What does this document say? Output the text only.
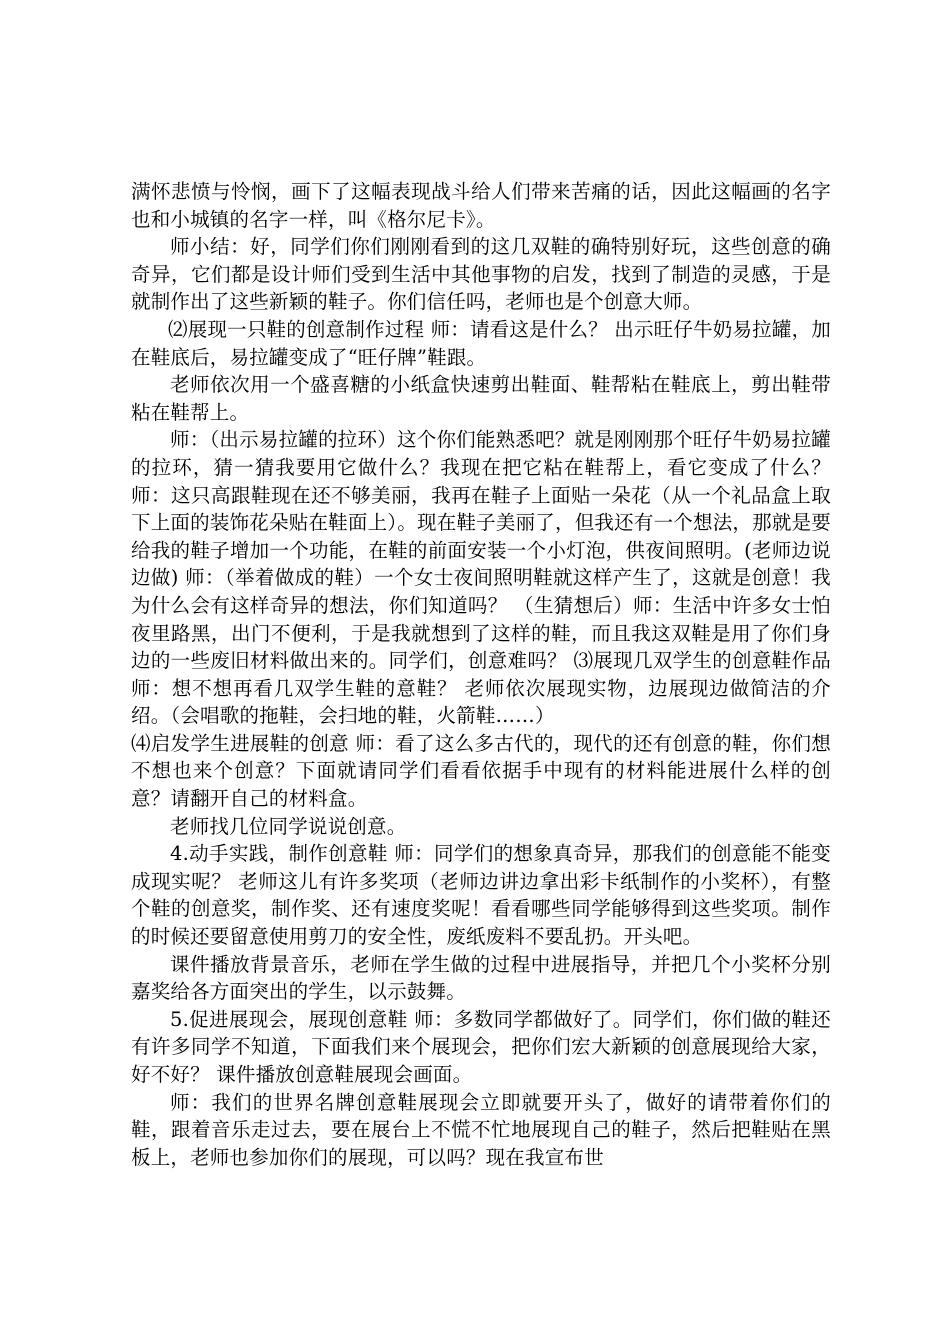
满怀悲愤与怜悯，画下了这幅表现战斗给人们带来苦痛的话，因此这幅画的名字也和小城镇的名字一样，叫《格尔尼卡》。

师小结：好，同学们你们刚刚看到的这几双鞋的确特别好玩，这些创意的确奇异，它们都是设计师们受到生活中其他事物的启发，找到了制造的灵感，于是就制作出了这些新颖的鞋子。你们信任吗，老师也是个创意大师。

⑵展现一只鞋的创意制作过程 师：请看这是什么？ 出示旺仔牛奶易拉罐，加在鞋底后，易拉罐变成了“旺仔牌”鞋跟。

老师依次用一个盛喜糖的小纸盒快速剪出鞋面、鞋帮粘在鞋底上，剪出鞋带粘在鞋帮上。

师：（出示易拉罐的拉环）这个你们能熟悉吧？就是刚刚那个旺仔牛奶易拉罐的拉环，猜一猜我要用它做什么？我现在把它粘在鞋帮上，看它变成了什么？ 师：这只高跟鞋现在还不够美丽，我再在鞋子上面贴一朵花（从一个礼品盒上取下上面的装饰花朵贴在鞋面上）。现在鞋子美丽了，但我还有一个想法，那就是要给我的鞋子增加一个功能，在鞋的前面安装一个小灯泡，供夜间照明。(老师边说边做) 师：（举着做成的鞋）一个女士夜间照明鞋就这样产生了，这就是创意！我为什么会有这样奇异的想法，你们知道吗？ （生猜想后）师：生活中许多女士怕夜里路黑，出门不便利，于是我就想到了这样的鞋，而且我这双鞋是用了你们身边的一些废旧材料做出来的。同学们，创意难吗？ ⑶展现几双学生的创意鞋作品 师：想不想再看几双学生鞋的意鞋？ 老师依次展现实物，边展现边做简洁的介绍。（会唱歌的拖鞋，会扫地的鞋，火箭鞋……）

⑷启发学生进展鞋的创意 师：看了这么多古代的，现代的还有创意的鞋，你们想不想也来个创意？下面就请同学们看看依据手中现有的材料能进展什么样的创意？请翻开自己的材料盒。

老师找几位同学说说创意。

4.动手实践，制作创意鞋 师：同学们的想象真奇异，那我们的创意能不能变成现实呢？ 老师这儿有许多奖项（老师边讲边拿出彩卡纸制作的小奖杯），有整个鞋的创意奖，制作奖、还有速度奖呢！看看哪些同学能够得到这些奖项。制作的时候还要留意使用剪刀的安全性，废纸废料不要乱扔。开头吧。

课件播放背景音乐，老师在学生做的过程中进展指导，并把几个小奖杯分别嘉奖给各方面突出的学生，以示鼓舞。

5.促进展现会，展现创意鞋 师：多数同学都做好了。同学们，你们做的鞋还有许多同学不知道，下面我们来个展现会，把你们宏大新颖的创意展现给大家，好不好？ 课件播放创意鞋展现会画面。

师：我们的世界名牌创意鞋展现会立即就要开头了，做好的请带着你们的鞋，跟着音乐走过去，要在展台上不慌不忙地展现自己的鞋子，然后把鞋贴在黑板上，老师也参加你们的展现，可以吗？现在我宣布世
